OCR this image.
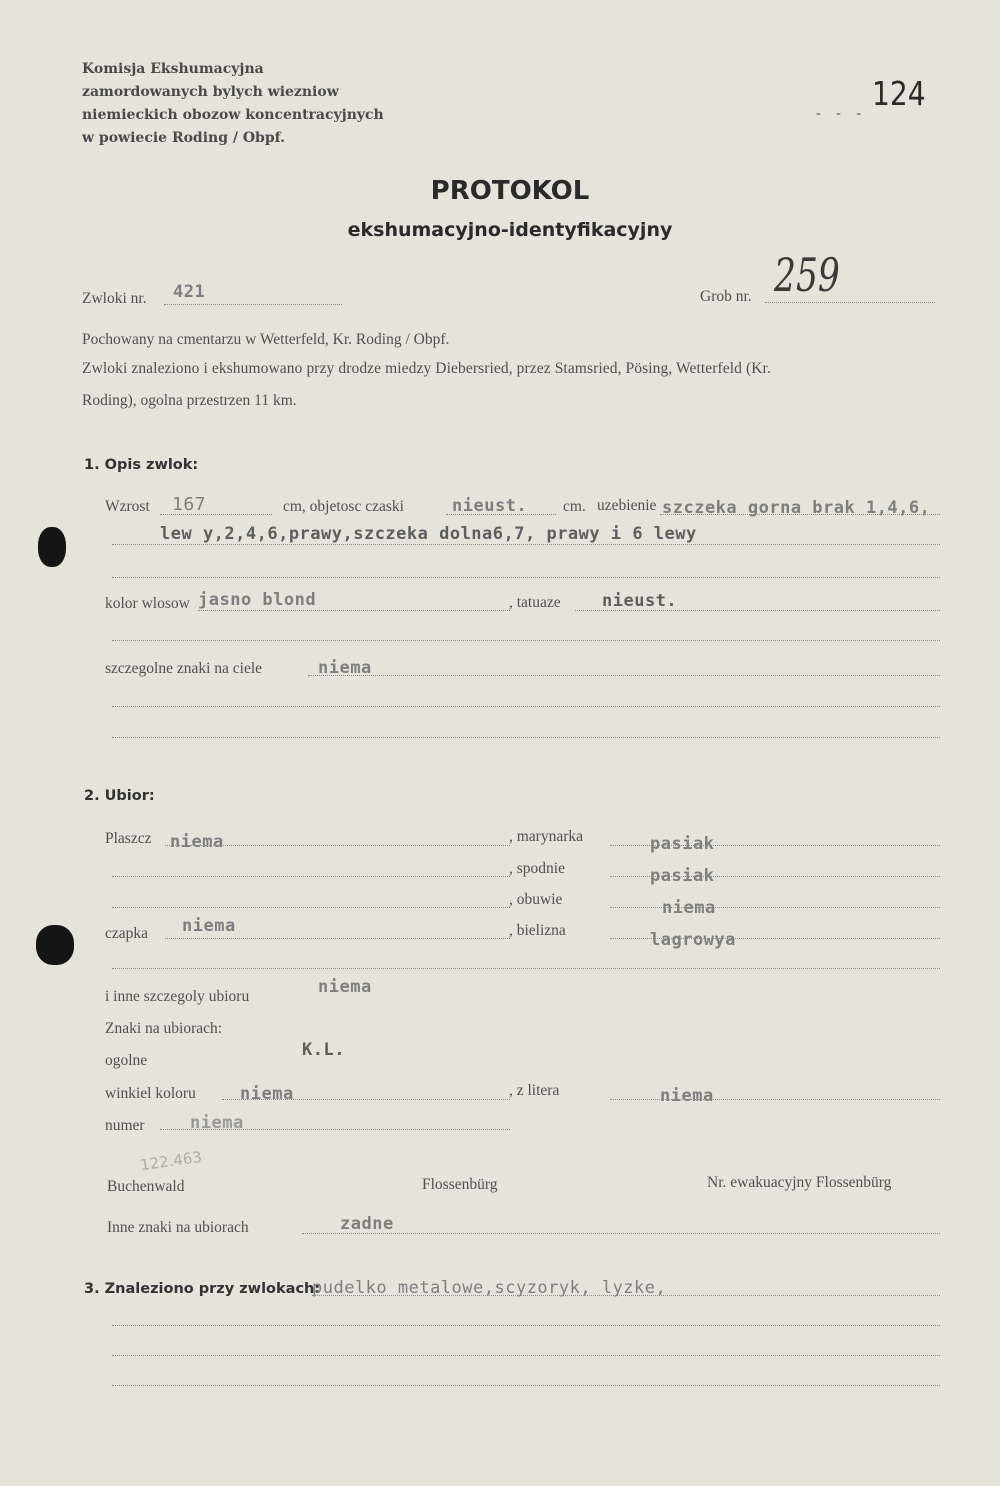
Komisja Ekshumacyjna
zamordowanych bylych wiezniow
niemieckich obozow koncentracyjnych
w powiecie Roding / Obpf.
124
- - -
PROTOKOL
ekshumacyjno-identyfikacyjny
Zwloki nr. 421	Grob nr. 259
Pochowany na cmentarzu w Wetterfeld, Kr. Roding / Obpf.
Zwloki znaleziono i ekshumowano przy drodze miedzy Diebersried, przez Stamsried, Pösing, Wetterfeld (Kr.
Roding), ogolna przestrzen 11 km.
1. Opis zwlok:
Wzrost 167	cm, objetosc czaski	nieust. cm. uzebienie szczeka gorna brak 1,4,6,
lew y,2,4,6,prawy,szczeka dolna6,7, prawy i 6 lewy
kolor wlosow jasno blond	, tatuaze nieust.
szczegolne znaki na ciele	niema
2. Ubior:
Plaszcz niema	, marynarka	pasiak
, spodnie	pasiak
, obuwie	niema
czapka niema	, bielizna	lagrowya
i inne szczegoly ubioru	niema
Znaki na ubiorach:
ogolne
K.L.
winkiel koloru	niema	, z litera	niema
numer	niema
122.463
Buchenwald	Flossenbürg	Nr. ewakuacyjny Flossenbürg
Inne znaki na ubiorach	zadne
3. Znaleziono przy zwlokach:
pudelko metalowe,scyzoryk, lyzke,
